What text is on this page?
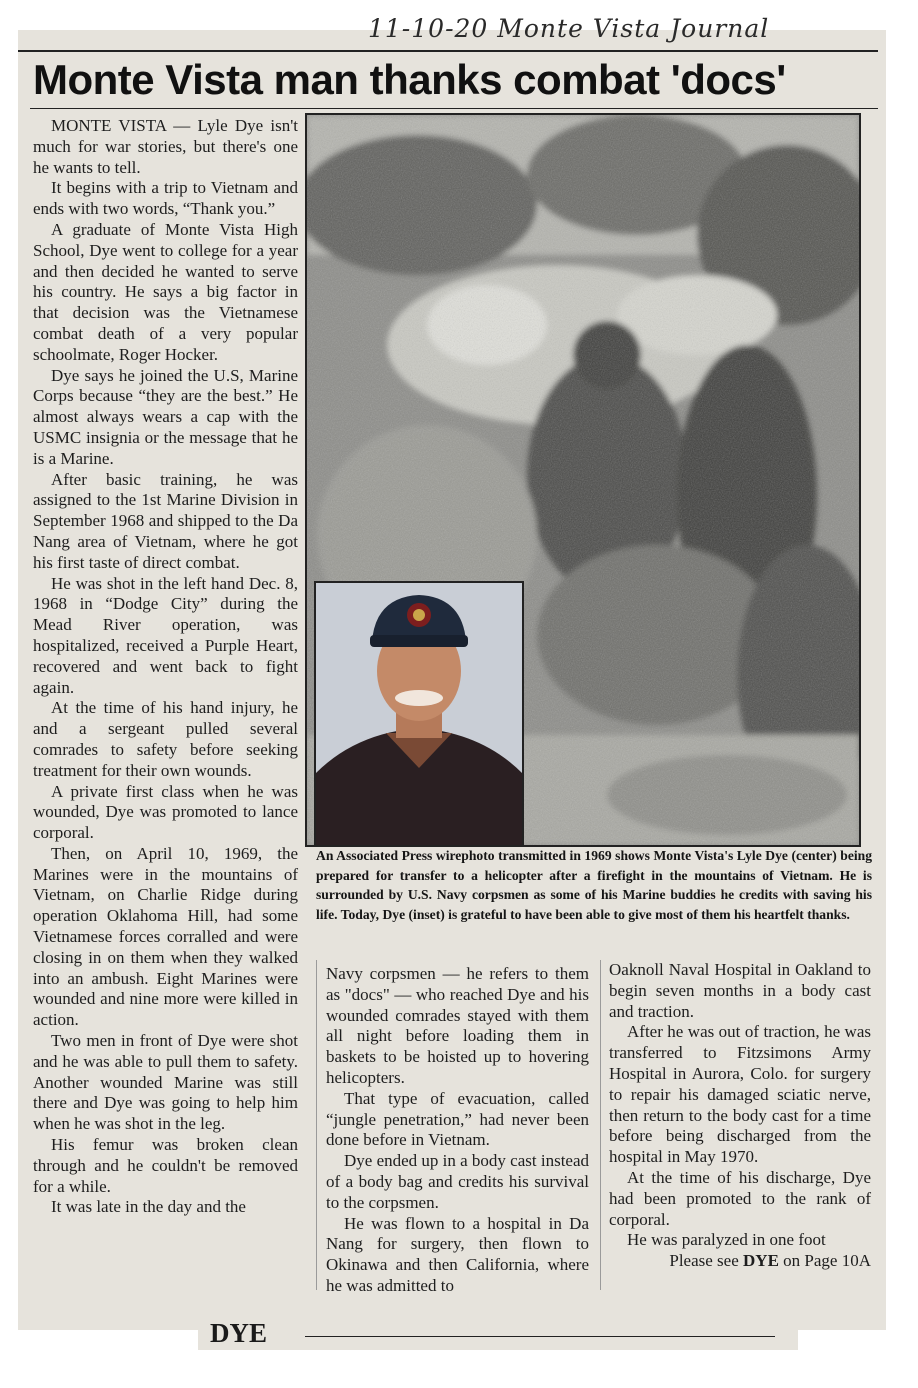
11-10-20 Monte Vista Journal
Monte Vista man thanks combat 'docs'

MONTE VISTA — Lyle Dye isn't much for war stories, but there's one he wants to tell.

It begins with a trip to Vietnam and ends with two words, “Thank you.”

A graduate of Monte Vista High School, Dye went to college for a year and then decided he wanted to serve his country. He says a big factor in that decision was the Vietnamese combat death of a very popular schoolmate, Roger Hocker.

Dye says he joined the U.S, Marine Corps because “they are the best.” He almost always wears a cap with the USMC insignia or the message that he is a Marine.

After basic training, he was assigned to the 1st Marine Division in September 1968 and shipped to the Da Nang area of Vietnam, where he got his first taste of direct combat.

He was shot in the left hand Dec. 8, 1968 in “Dodge City” during the Mead River operation, was hospitalized, received a Purple Heart, recovered and went back to fight again.

At the time of his hand injury, he and a sergeant pulled several comrades to safety before seeking treatment for their own wounds.

A private first class when he was wounded, Dye was promoted to lance corporal.

Then, on April 10, 1969, the Marines were in the mountains of Vietnam, on Charlie Ridge during operation Oklahoma Hill, had some Vietnamese forces corralled and were closing in on them when they walked into an ambush. Eight Marines were wounded and nine more were killed in action.

Two men in front of Dye were shot and he was able to pull them to safety. Another wounded Marine was still there and Dye was going to help him when he was shot in the leg.

His femur was broken clean through and he couldn't be removed for a while.

It was late in the day and the

An Associated Press wirephoto transmitted in 1969 shows Monte Vista's Lyle Dye (center) being prepared for transfer to a helicopter after a firefight in the mountains of Vietnam. He is surrounded by U.S. Navy corpsmen as some of his Marine buddies he credits with saving his life. Today, Dye (inset) is grateful to have been able to give most of them his heartfelt thanks.

Navy corpsmen — he refers to them as "docs" — who reached Dye and his wounded comrades stayed with them all night before loading them in baskets to be hoisted up to hovering helicopters.

That type of evacuation, called “jungle penetration,” had never been done before in Vietnam.

Dye ended up in a body cast instead of a body bag and credits his survival to the corpsmen.

He was flown to a hospital in Da Nang for surgery, then flown to Okinawa and then California, where he was admitted to

Oaknoll Naval Hospital in Oakland to begin seven months in a body cast and traction.

After he was out of traction, he was transferred to Fitzsimons Army Hospital in Aurora, Colo. for surgery to repair his damaged sciatic nerve, then return to the body cast for a time before being discharged from the hospital in May 1970.

At the time of his discharge, Dye had been promoted to the rank of corporal.

He was paralyzed in one foot

Please see DYE on Page 10A

DYE
